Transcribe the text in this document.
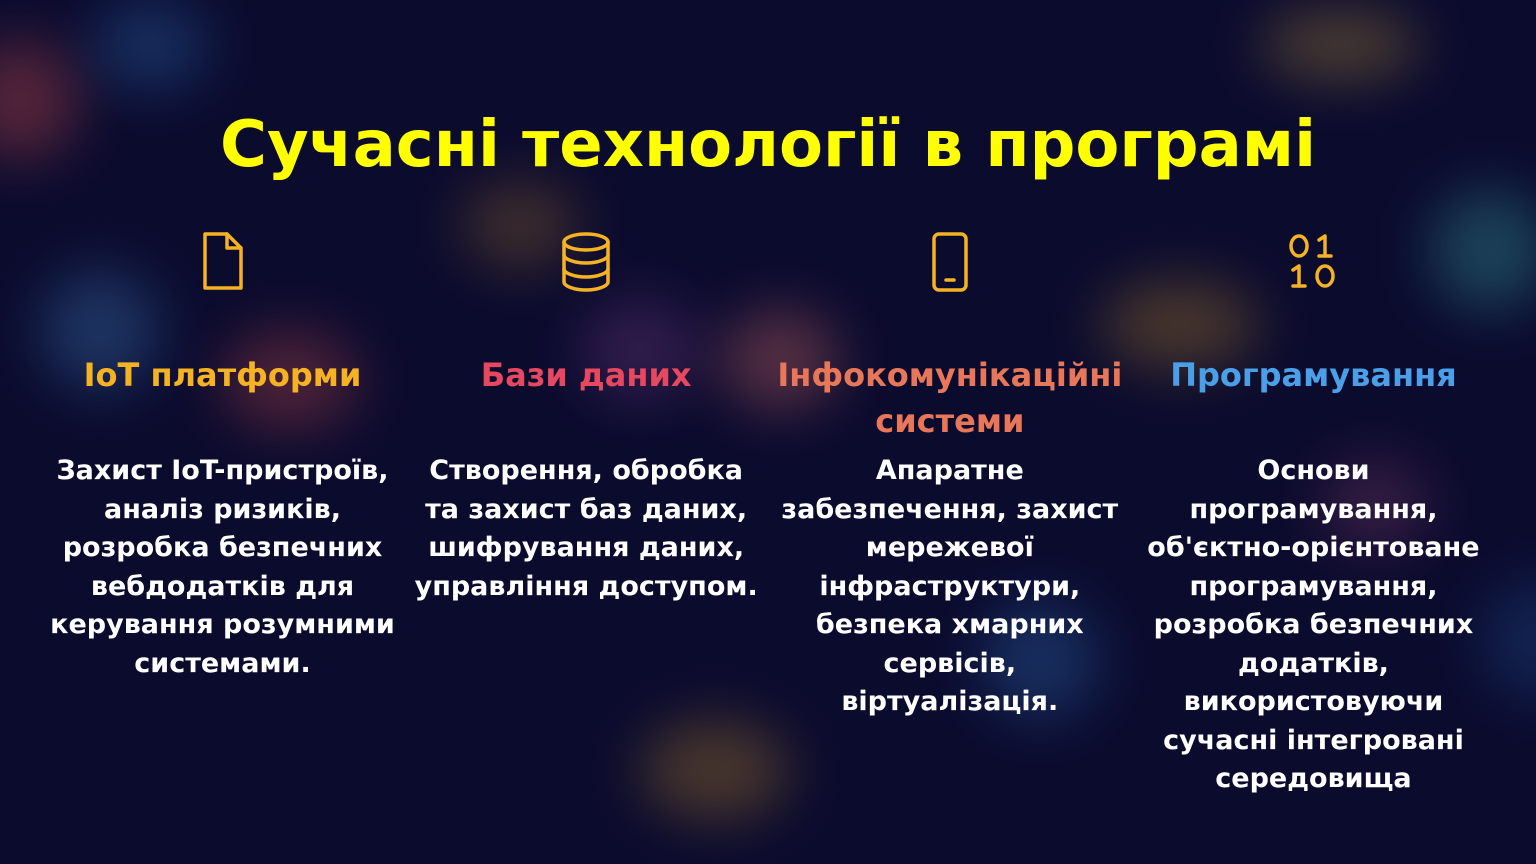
Сучасні технології в програмі
IoT платформи
Захист IoT-пристроїв, аналіз ризиків, розробка безпечних вебдодатків для керування розумними системами.
Бази даних
Створення, обробка та захист баз даних, шифрування даних, управління доступом.
Інфокомунікаційні системи
Апаратне забезпечення, захист мережевої інфраструктури, безпека хмарних сервісів, віртуалізація.
Програмування
Основи програмування, об'єктно-орієнтоване програмування, розробка безпечних додатків, використовуючи сучасні інтегровані середовища
